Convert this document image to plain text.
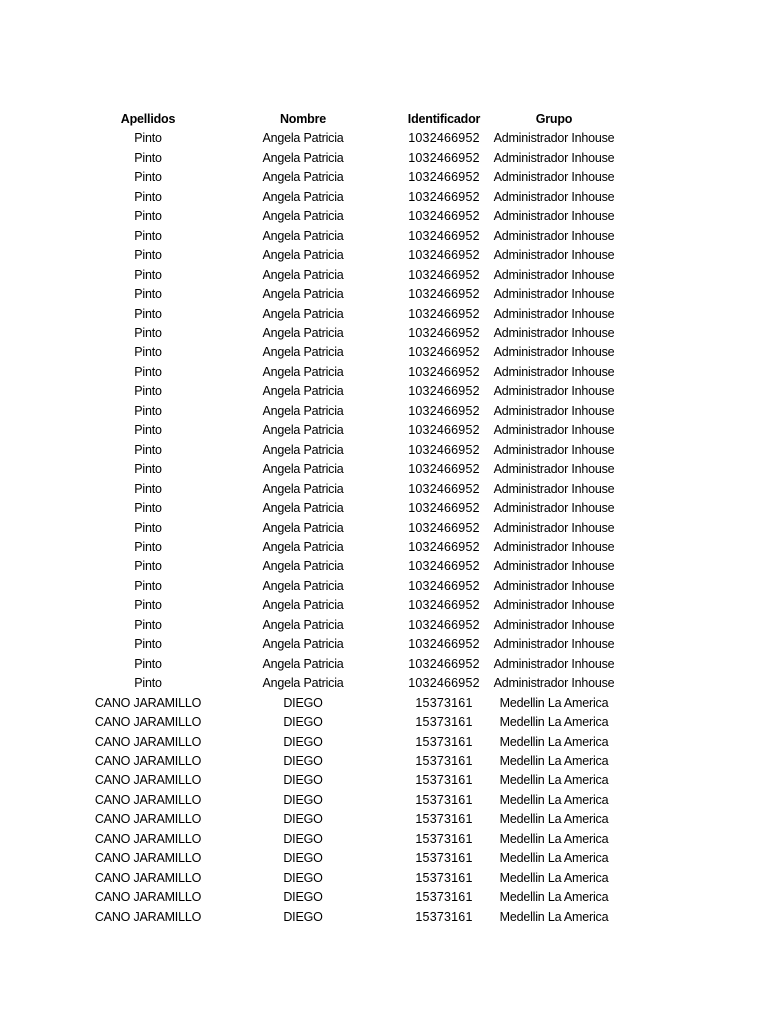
Apellidos	Nombre	Identificador	Grupo
Pinto	Angela Patricia	1032466952	Administrador Inhouse
Pinto	Angela Patricia	1032466952	Administrador Inhouse
Pinto	Angela Patricia	1032466952	Administrador Inhouse
Pinto	Angela Patricia	1032466952	Administrador Inhouse
Pinto	Angela Patricia	1032466952	Administrador Inhouse
Pinto	Angela Patricia	1032466952	Administrador Inhouse
Pinto	Angela Patricia	1032466952	Administrador Inhouse
Pinto	Angela Patricia	1032466952	Administrador Inhouse
Pinto	Angela Patricia	1032466952	Administrador Inhouse
Pinto	Angela Patricia	1032466952	Administrador Inhouse
Pinto	Angela Patricia	1032466952	Administrador Inhouse
Pinto	Angela Patricia	1032466952	Administrador Inhouse
Pinto	Angela Patricia	1032466952	Administrador Inhouse
Pinto	Angela Patricia	1032466952	Administrador Inhouse
Pinto	Angela Patricia	1032466952	Administrador Inhouse
Pinto	Angela Patricia	1032466952	Administrador Inhouse
Pinto	Angela Patricia	1032466952	Administrador Inhouse
Pinto	Angela Patricia	1032466952	Administrador Inhouse
Pinto	Angela Patricia	1032466952	Administrador Inhouse
Pinto	Angela Patricia	1032466952	Administrador Inhouse
Pinto	Angela Patricia	1032466952	Administrador Inhouse
Pinto	Angela Patricia	1032466952	Administrador Inhouse
Pinto	Angela Patricia	1032466952	Administrador Inhouse
Pinto	Angela Patricia	1032466952	Administrador Inhouse
Pinto	Angela Patricia	1032466952	Administrador Inhouse
Pinto	Angela Patricia	1032466952	Administrador Inhouse
Pinto	Angela Patricia	1032466952	Administrador Inhouse
Pinto	Angela Patricia	1032466952	Administrador Inhouse
Pinto	Angela Patricia	1032466952	Administrador Inhouse
CANO JARAMILLO	DIEGO	15373161	Medellin La America
CANO JARAMILLO	DIEGO	15373161	Medellin La America
CANO JARAMILLO	DIEGO	15373161	Medellin La America
CANO JARAMILLO	DIEGO	15373161	Medellin La America
CANO JARAMILLO	DIEGO	15373161	Medellin La America
CANO JARAMILLO	DIEGO	15373161	Medellin La America
CANO JARAMILLO	DIEGO	15373161	Medellin La America
CANO JARAMILLO	DIEGO	15373161	Medellin La America
CANO JARAMILLO	DIEGO	15373161	Medellin La America
CANO JARAMILLO	DIEGO	15373161	Medellin La America
CANO JARAMILLO	DIEGO	15373161	Medellin La America
CANO JARAMILLO	DIEGO	15373161	Medellin La America
